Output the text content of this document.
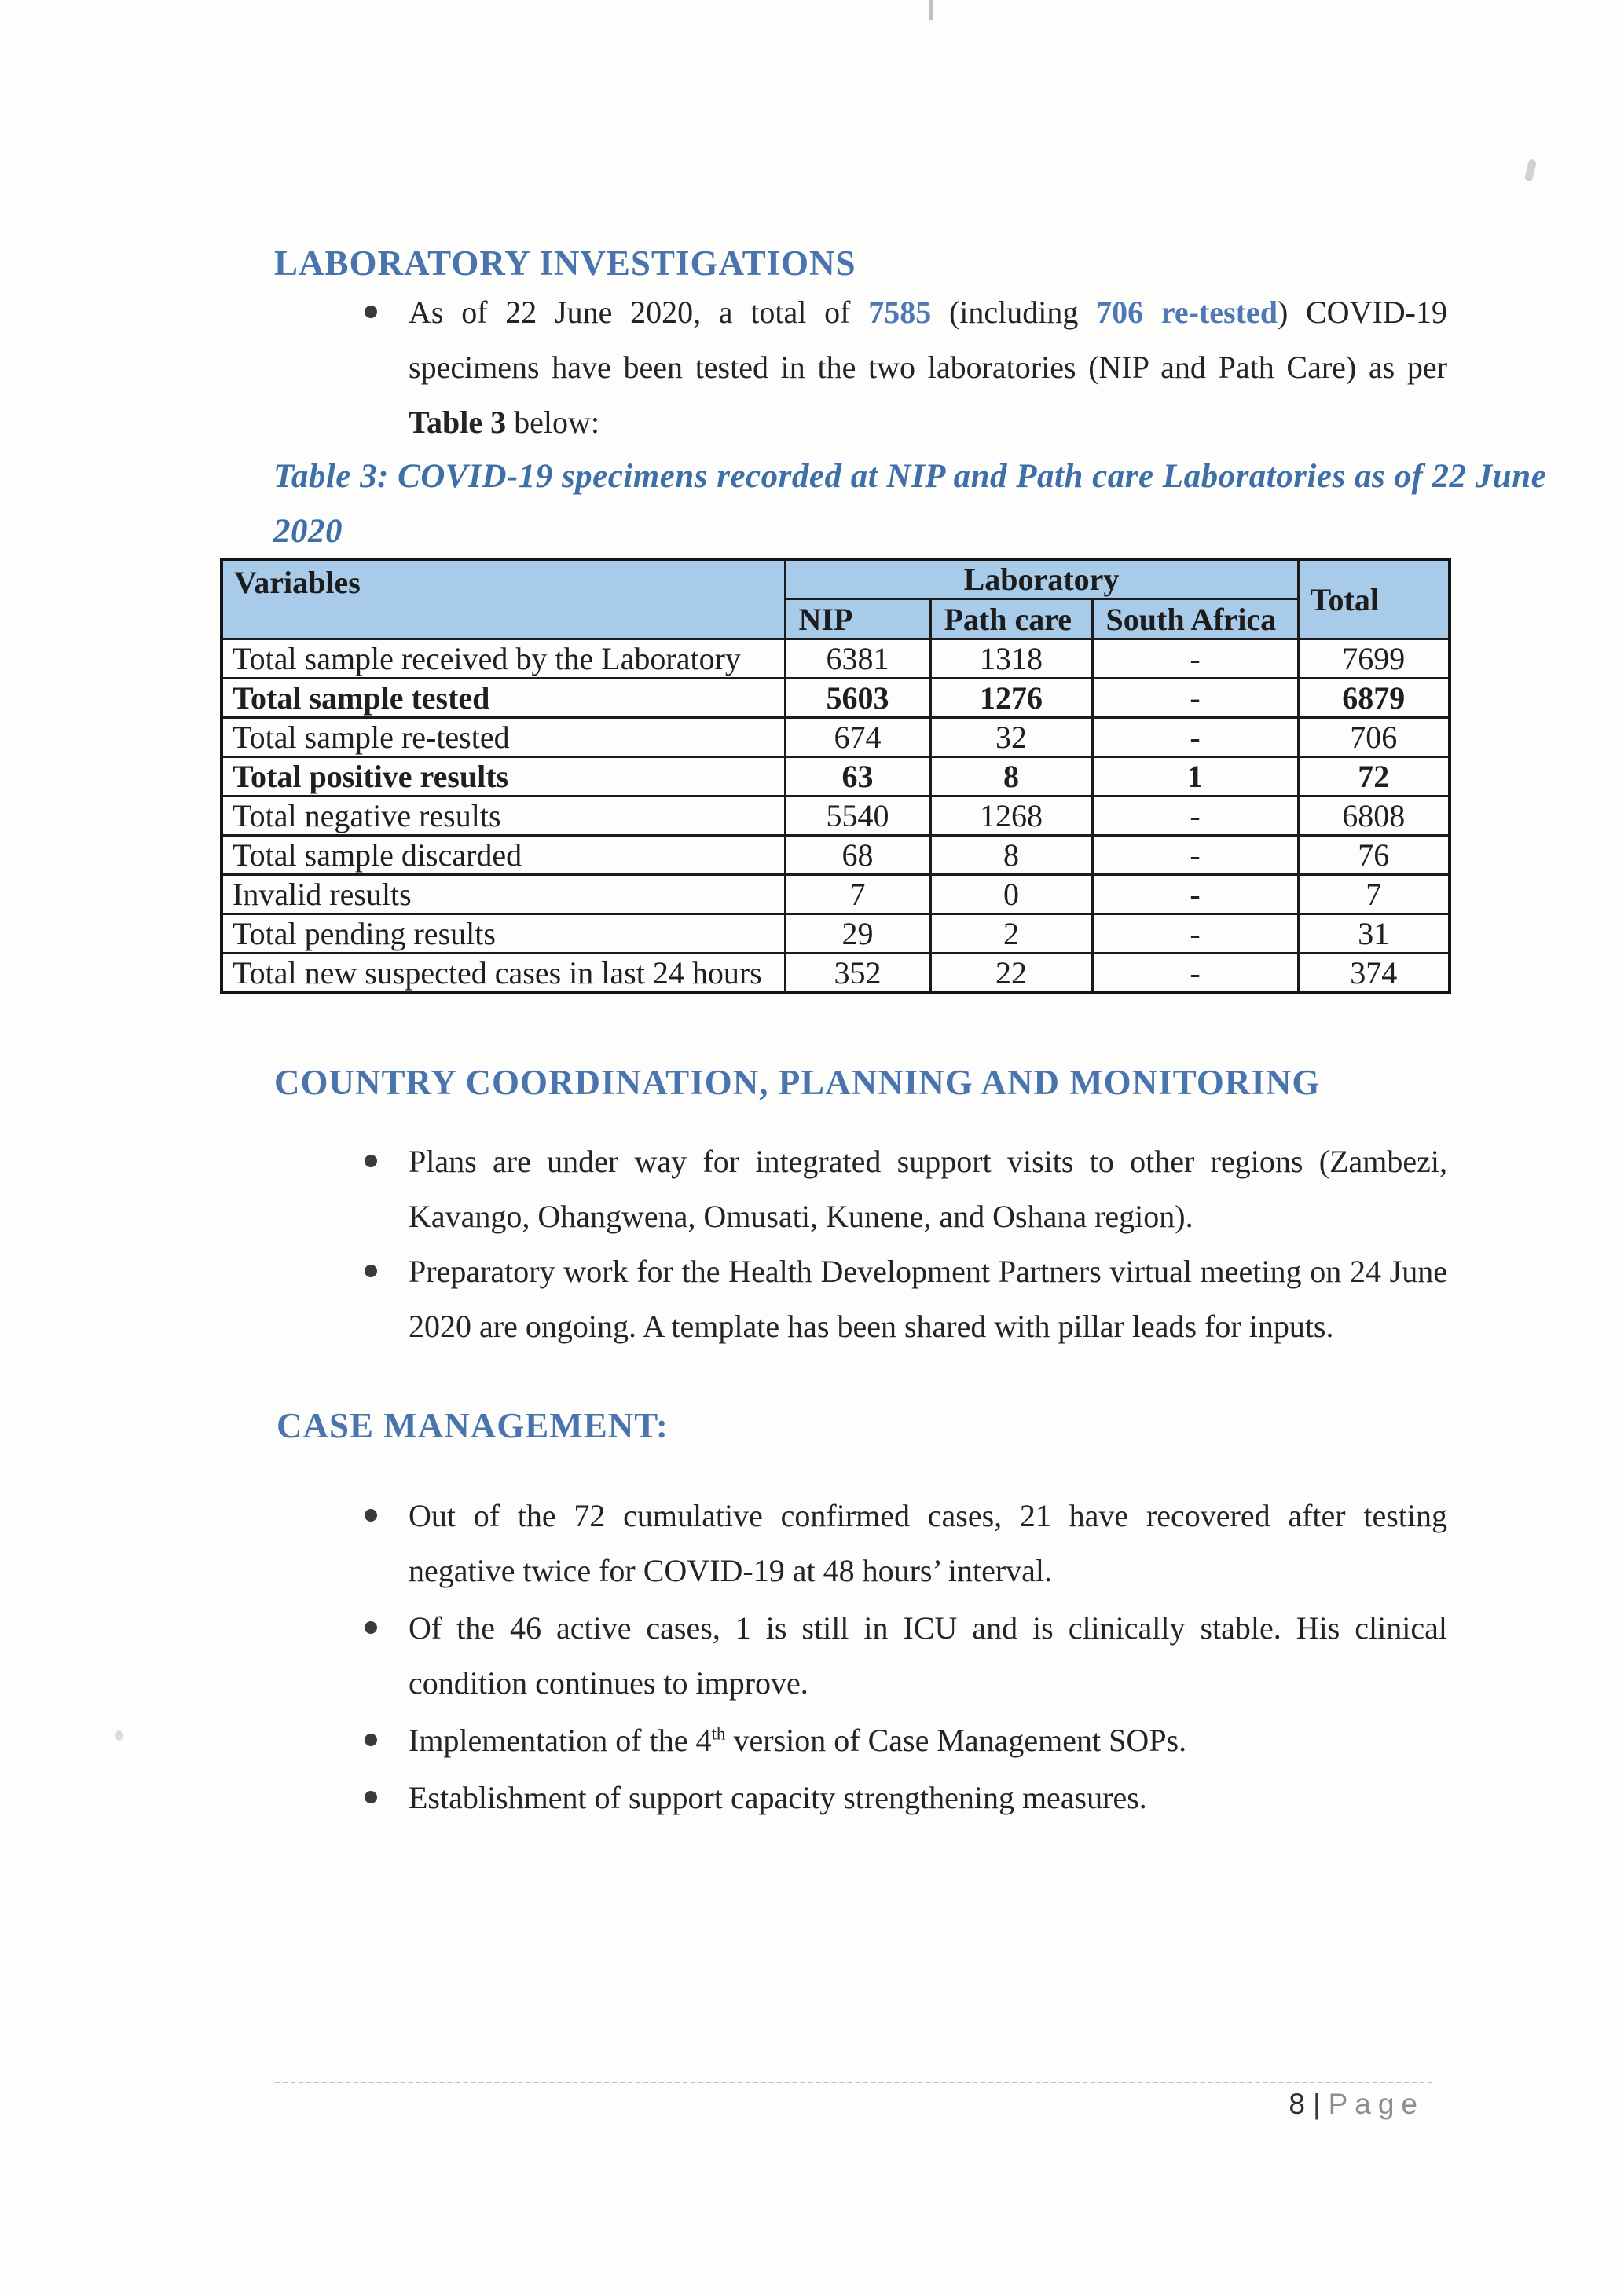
LABORATORY INVESTIGATIONS
As of 22 June 2020, a total of 7585 (including 706 re-tested) COVID-19 specimens have been tested in the two laboratories (NIP and Path Care) as per Table 3 below:
Table 3: COVID-19 specimens recorded at NIP and Path care Laboratories as of 22 June
2020
Variables	Laboratory			Total
	NIP	Path care	South Africa	
Total sample received by the Laboratory	6381	1318	-	7699
Total sample tested	5603	1276	-	6879
Total sample re-tested	674	32	-	706
Total positive results	63	8	1	72
Total negative results	5540	1268	-	6808
Total sample discarded	68	8	-	76
Invalid results	7	0	-	7
Total pending results	29	2	-	31
Total new suspected cases in last 24 hours	352	22	-	374
COUNTRY COORDINATION, PLANNING AND MONITORING
Plans are under way for integrated support visits to other regions (Zambezi, Kavango, Ohangwena, Omusati, Kunene, and Oshana region).
Preparatory work for the Health Development Partners virtual meeting on 24 June 2020 are ongoing. A template has been shared with pillar leads for inputs.
CASE MANAGEMENT:
Out of the 72 cumulative confirmed cases, 21 have recovered after testing negative twice for COVID-19 at 48 hours’ interval.
Of the 46 active cases, 1 is still in ICU and is clinically stable. His clinical condition continues to improve.
Implementation of the 4th version of Case Management SOPs.
Establishment of support capacity strengthening measures.
8 | Page
